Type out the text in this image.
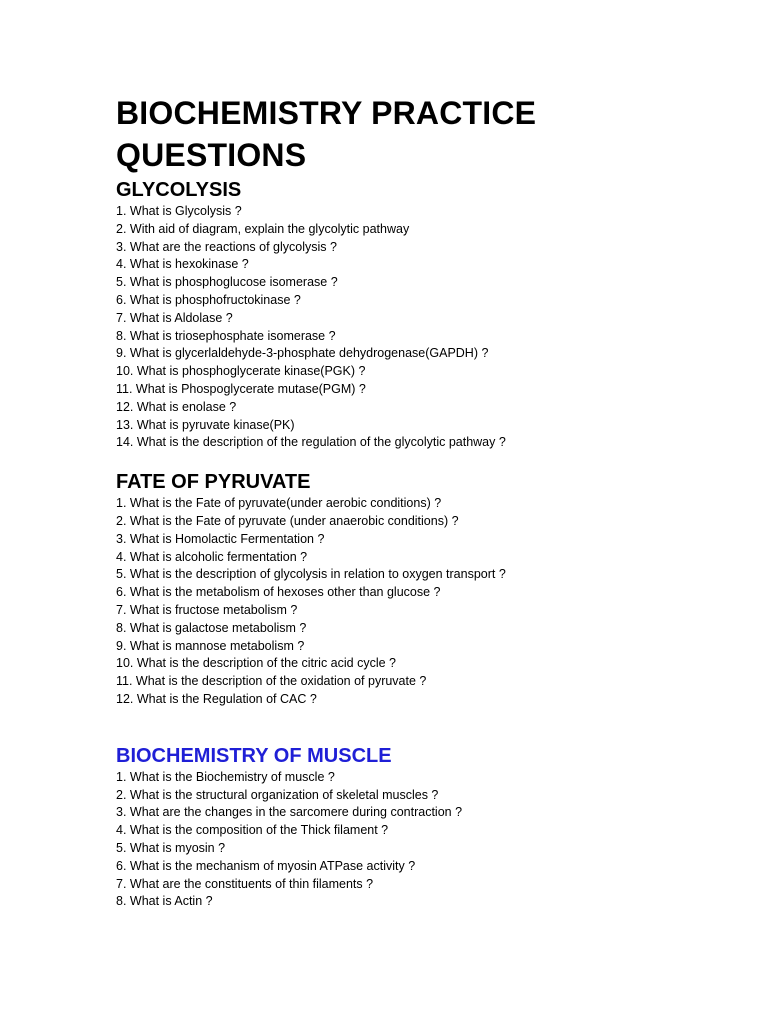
BIOCHEMISTRY PRACTICE
QUESTIONS
GLYCOLYSIS
1. What is Glycolysis ?
2. With aid of diagram, explain the glycolytic pathway
3. What are the reactions of glycolysis ?
4. What is hexokinase ?
5. What is phosphoglucose isomerase ?
6. What is phosphofructokinase ?
7. What is Aldolase ?
8. What is triosephosphate isomerase ?
9. What is glycerlaldehyde-3-phosphate dehydrogenase(GAPDH) ?
10. What is phosphoglycerate kinase(PGK) ?
11. What is Phospoglycerate mutase(PGM) ?
12. What is enolase ?
13. What is pyruvate kinase(PK)
14. What is the description of the regulation of the glycolytic pathway ?
FATE OF PYRUVATE
1. What is the Fate of pyruvate(under aerobic conditions) ?
2. What is the Fate of pyruvate (under anaerobic conditions) ?
3. What is Homolactic Fermentation ?
4. What is alcoholic fermentation ?
5. What is the description of glycolysis in relation to oxygen transport ?
6. What is the metabolism of hexoses other than glucose ?
7. What is fructose metabolism ?
8. What is galactose metabolism ?
9. What is mannose metabolism ?
10. What is the description of the citric acid cycle ?
11. What is the description of the oxidation of pyruvate ?
12. What is the Regulation of CAC ?
BIOCHEMISTRY OF MUSCLE
1. What is the Biochemistry of muscle ?
2. What is the structural organization of skeletal muscles ?
3. What are the changes in the sarcomere during contraction ?
4. What is the composition of the Thick filament ?
5. What is myosin ?
6. What is the mechanism of myosin ATPase activity ?
7. What are the constituents of thin filaments ?
8. What is Actin ?
